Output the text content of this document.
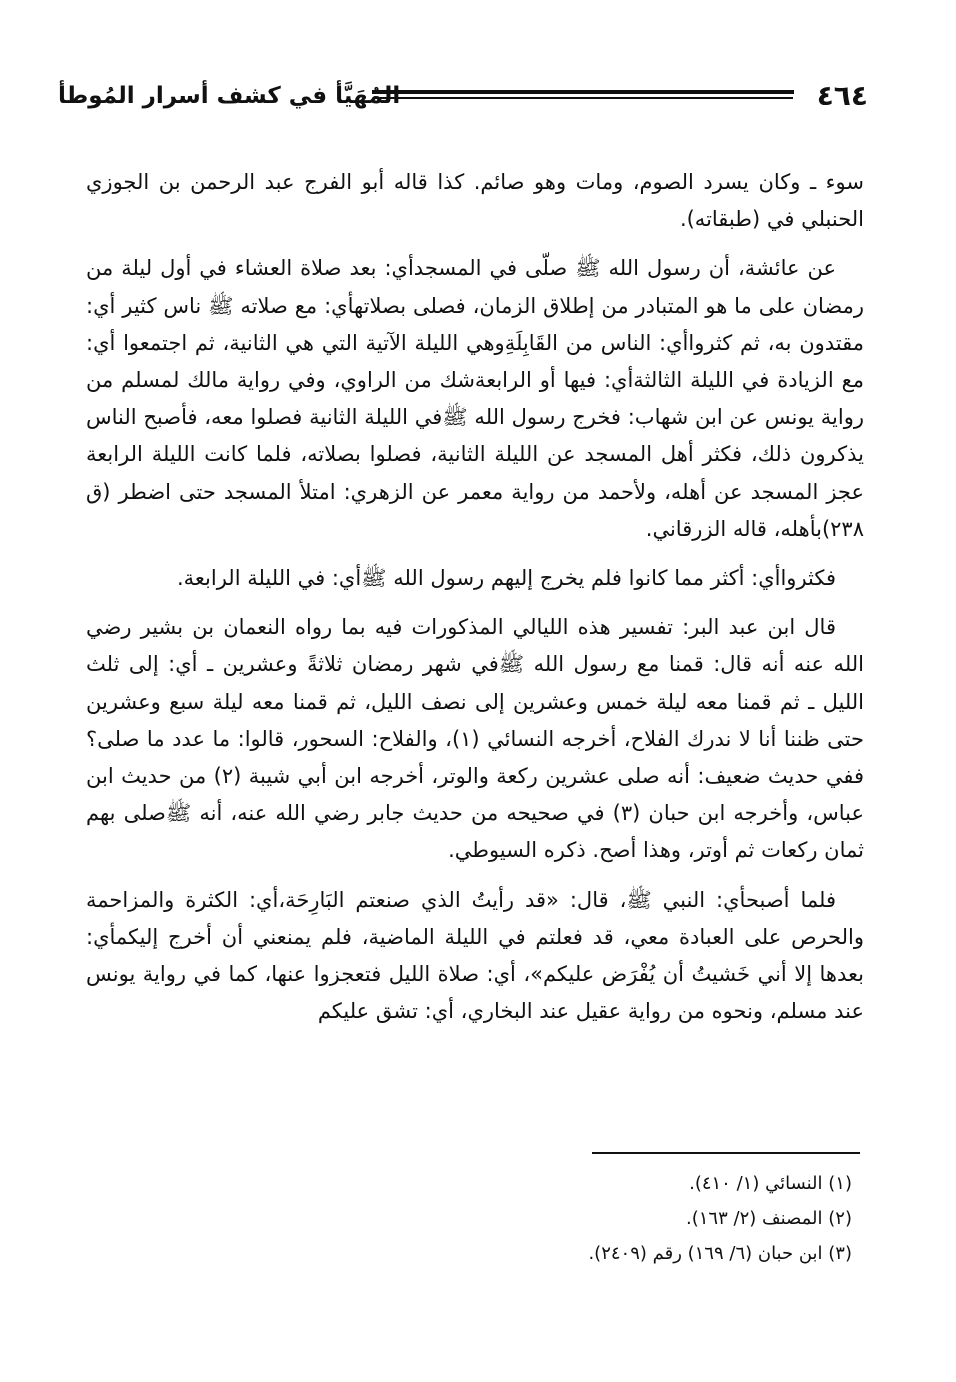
٤٦٤
المُهَيَّأ في كشف أسرار المُوطأ

سوء ـ وكان يسرد الصوم، ومات وهو صائم. كذا قاله أبو الفرج عبد الرحمن بن الجوزي الحنبلي في (طبقاته).

عن عائشة، أن رسول الله ﷺ صلّى في المسجدأي: بعد صلاة العشاء في أول ليلة من رمضان على ما هو المتبادر من إطلاق الزمان، فصلى بصلاتهأي: مع صلاته ﷺ ناس كثير أي: مقتدون به، ثم كثرواأي: الناس من القَابِلَةِوهي الليلة الآتية التي هي الثانية، ثم اجتمعوا أي: مع الزيادة في الليلة الثالثةأي: فيها أو الرابعةشك من الراوي، وفي رواية مالك لمسلم من رواية يونس عن ابن شهاب: فخرج رسول الله ﷺفي الليلة الثانية فصلوا معه، فأصبح الناس يذكرون ذلك، فكثر أهل المسجد عن الليلة الثانية، فصلوا بصلاته، فلما كانت الليلة الرابعة عجز المسجد عن أهله، ولأحمد من رواية معمر عن الزهري: امتلأ المسجد حتى اضطر (ق ٢٣٨)بأهله، قاله الزرقاني.

فكثرواأي: أكثر مما كانوا فلم يخرج إليهم رسول الله ﷺأي: في الليلة الرابعة.

قال ابن عبد البر: تفسير هذه الليالي المذكورات فيه بما رواه النعمان بن بشير رضي الله عنه أنه قال: قمنا مع رسول الله ﷺفي شهر رمضان ثلاثةً وعشرين ـ أي: إلى ثلث الليل ـ ثم قمنا معه ليلة خمس وعشرين إلى نصف الليل، ثم قمنا معه ليلة سبع وعشرين حتى ظننا أنا لا ندرك الفلاح، أخرجه النسائي (١)، والفلاح: السحور، قالوا: ما عدد ما صلى؟ ففي حديث ضعيف: أنه صلى عشرين ركعة والوتر، أخرجه ابن أبي شيبة (٢) من حديث ابن عباس، وأخرجه ابن حبان (٣) في صحيحه من حديث جابر رضي الله عنه، أنه ﷺصلى بهم ثمان ركعات ثم أوتر، وهذا أصح. ذكره السيوطي.

فلما أصبحأي: النبي ﷺ، قال: «قد رأيتُ الذي صنعتم البَارِحَة،أي: الكثرة والمزاحمة والحرص على العبادة معي، قد فعلتم في الليلة الماضية، فلم يمنعني أن أخرج إليكمأي: بعدها إلا أني خَشيتُ أن يُفْرَض عليكم»، أي: صلاة الليل فتعجزوا عنها، كما في رواية يونس عند مسلم، ونحوه من رواية عقيل عند البخاري، أي: تشق عليكم

(١) النسائي (١/ ٤١٠).
(٢) المصنف (٢/ ١٦٣).
(٣) ابن حبان (٦/ ١٦٩) رقم (٢٤٠٩).
